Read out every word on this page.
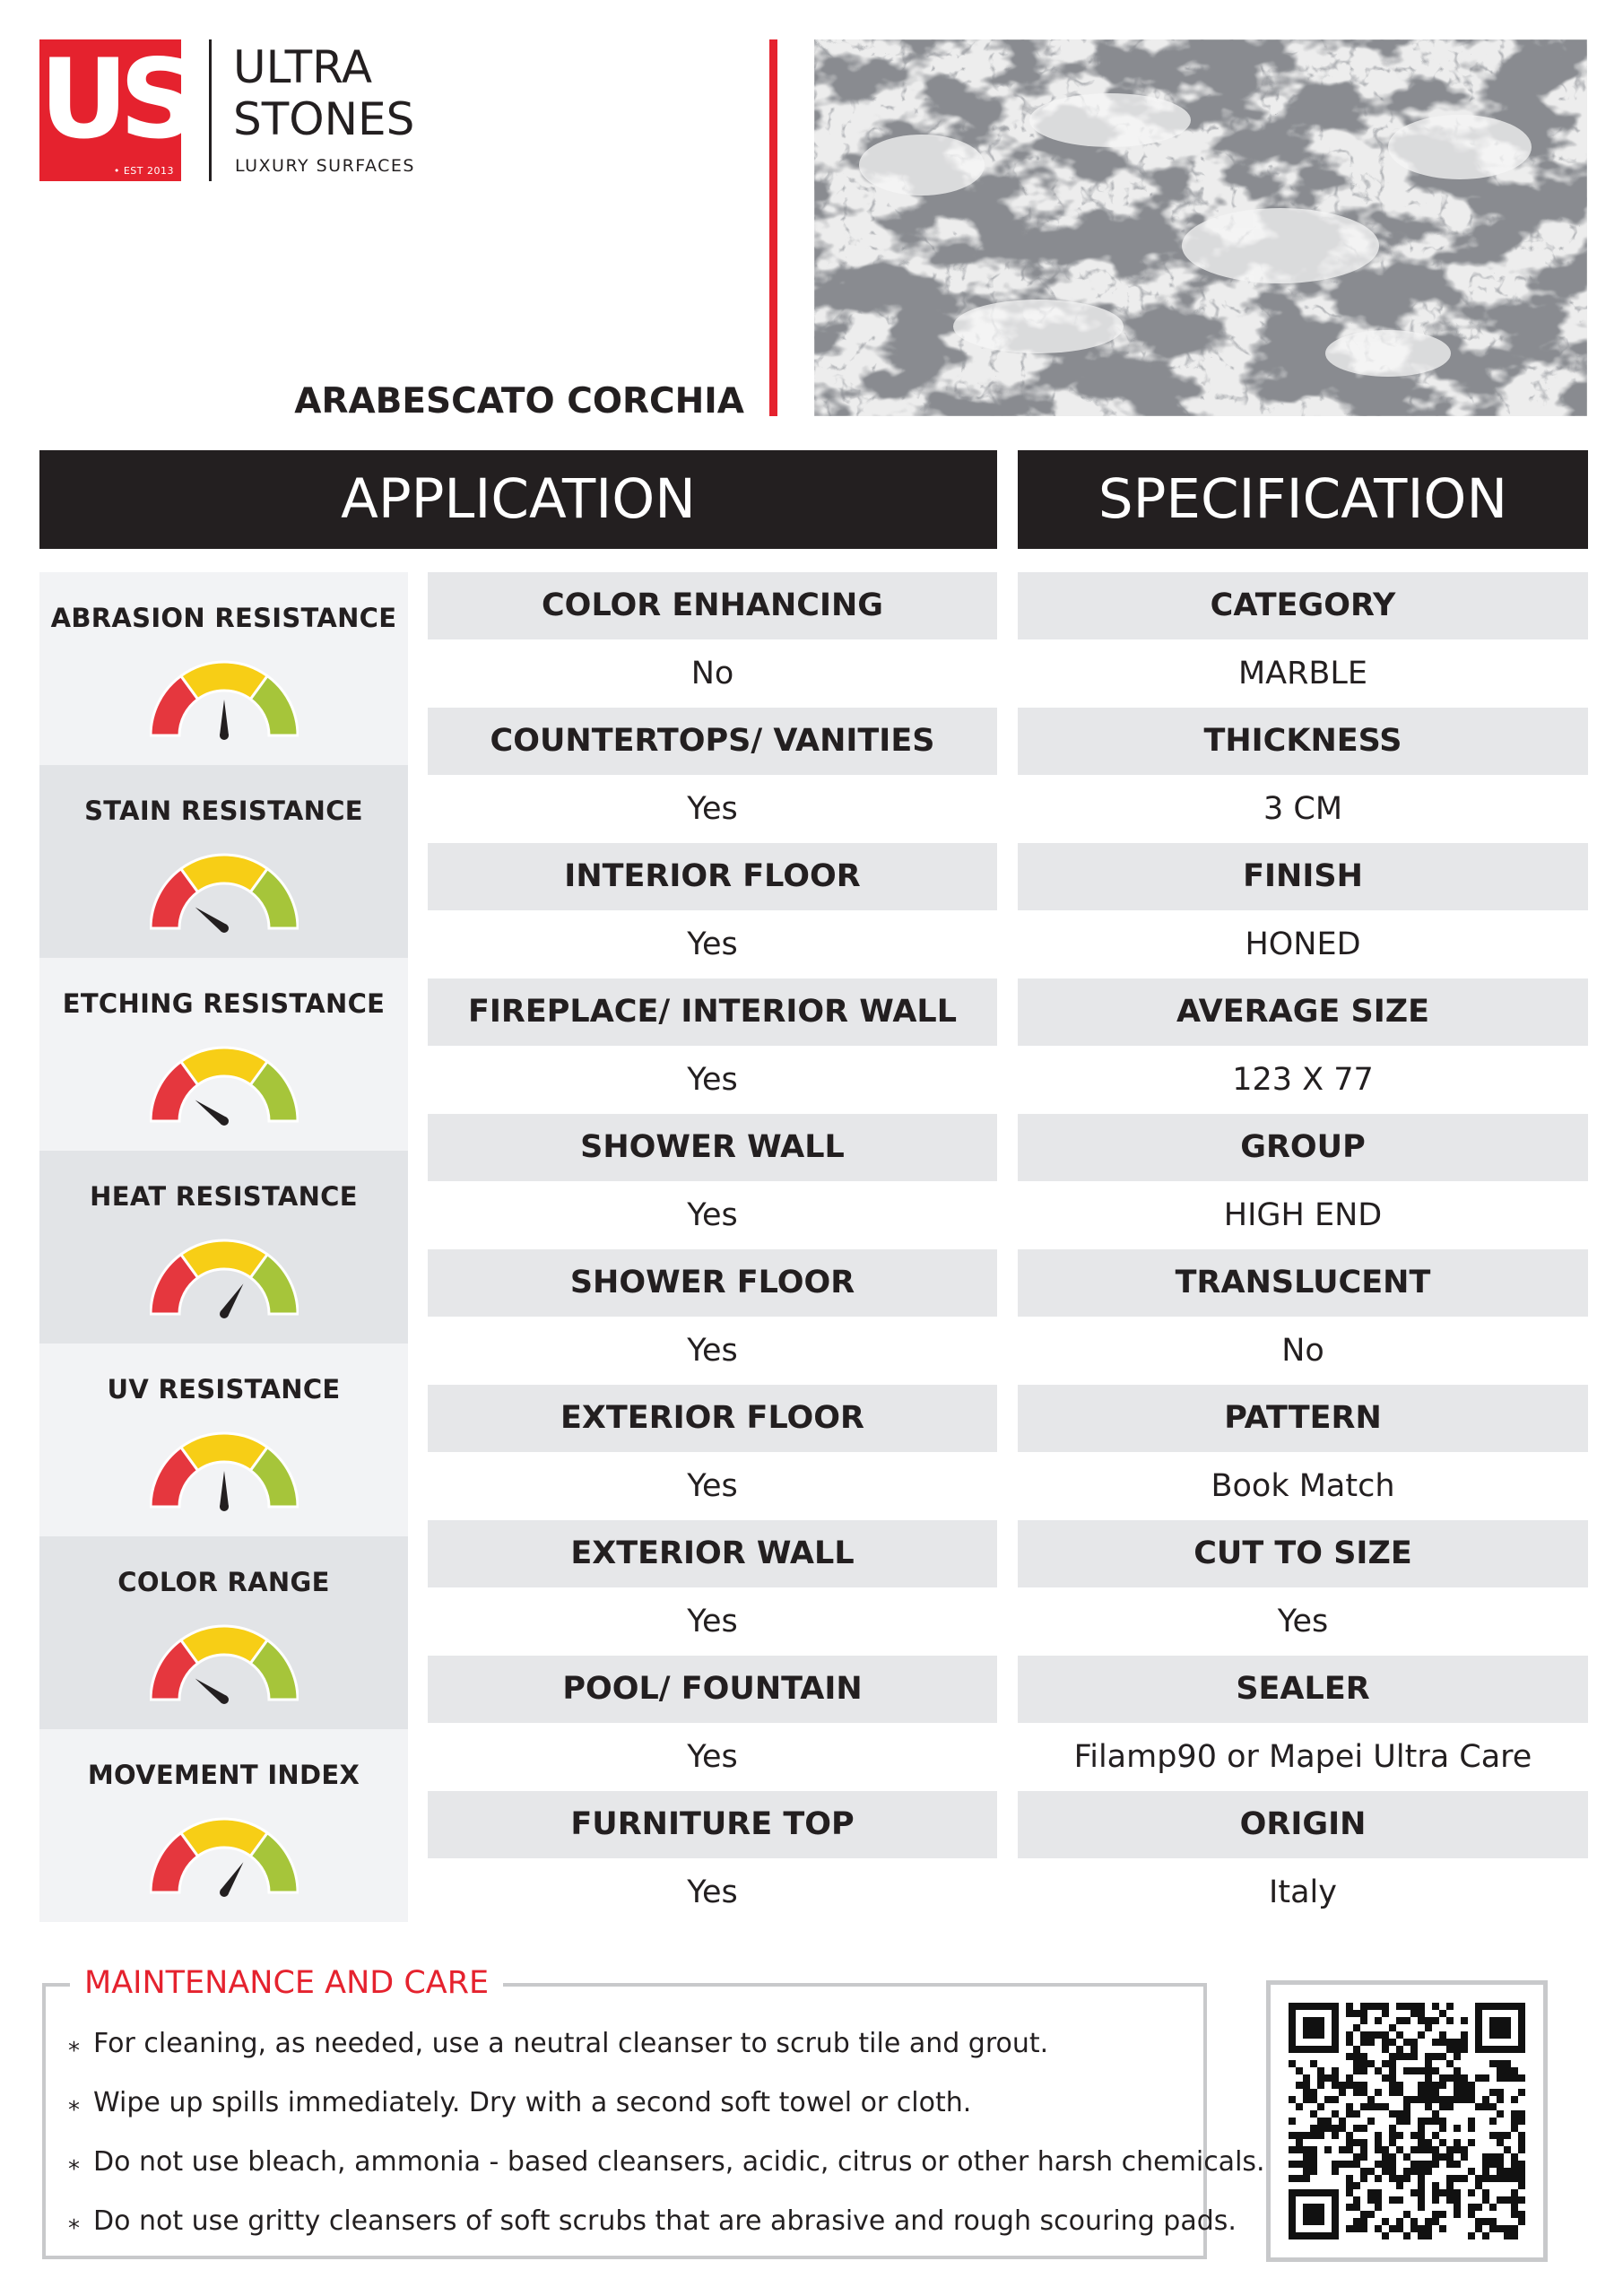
US
• EST 2013
ULTRA
STONES
LUXURY SURFACES
ARABESCATO CORCHIA
APPLICATION	SPECIFICATION
ABRASION RESISTANCE
STAIN RESISTANCE
ETCHING RESISTANCE
HEAT RESISTANCE
UV RESISTANCE
COLOR RANGE
MOVEMENT INDEX
COLOR ENHANCING
No
COUNTERTOPS/ VANITIES
Yes
INTERIOR FLOOR
Yes
FIREPLACE/ INTERIOR WALL
Yes
SHOWER WALL
Yes
SHOWER FLOOR
Yes
EXTERIOR FLOOR
Yes
EXTERIOR WALL
Yes
POOL/ FOUNTAIN
Yes
FURNITURE TOP
Yes
CATEGORY
MARBLE
THICKNESS
3 CM
FINISH
HONED
AVERAGE SIZE
123 X 77
GROUP
HIGH END
TRANSLUCENT
No
PATTERN
Book Match
CUT TO SIZE
Yes
SEALER
Filamp90 or Mapei Ultra Care
ORIGIN
Italy
MAINTENANCE AND CARE
⁎ For cleaning, as needed, use a neutral cleanser to scrub tile and grout.
⁎ Wipe up spills immediately. Dry with a second soft towel or cloth.
⁎ Do not use bleach, ammonia - based cleansers, acidic, citrus or other harsh chemicals.
⁎ Do not use gritty cleansers of soft scrubs that are abrasive and rough scouring pads.
